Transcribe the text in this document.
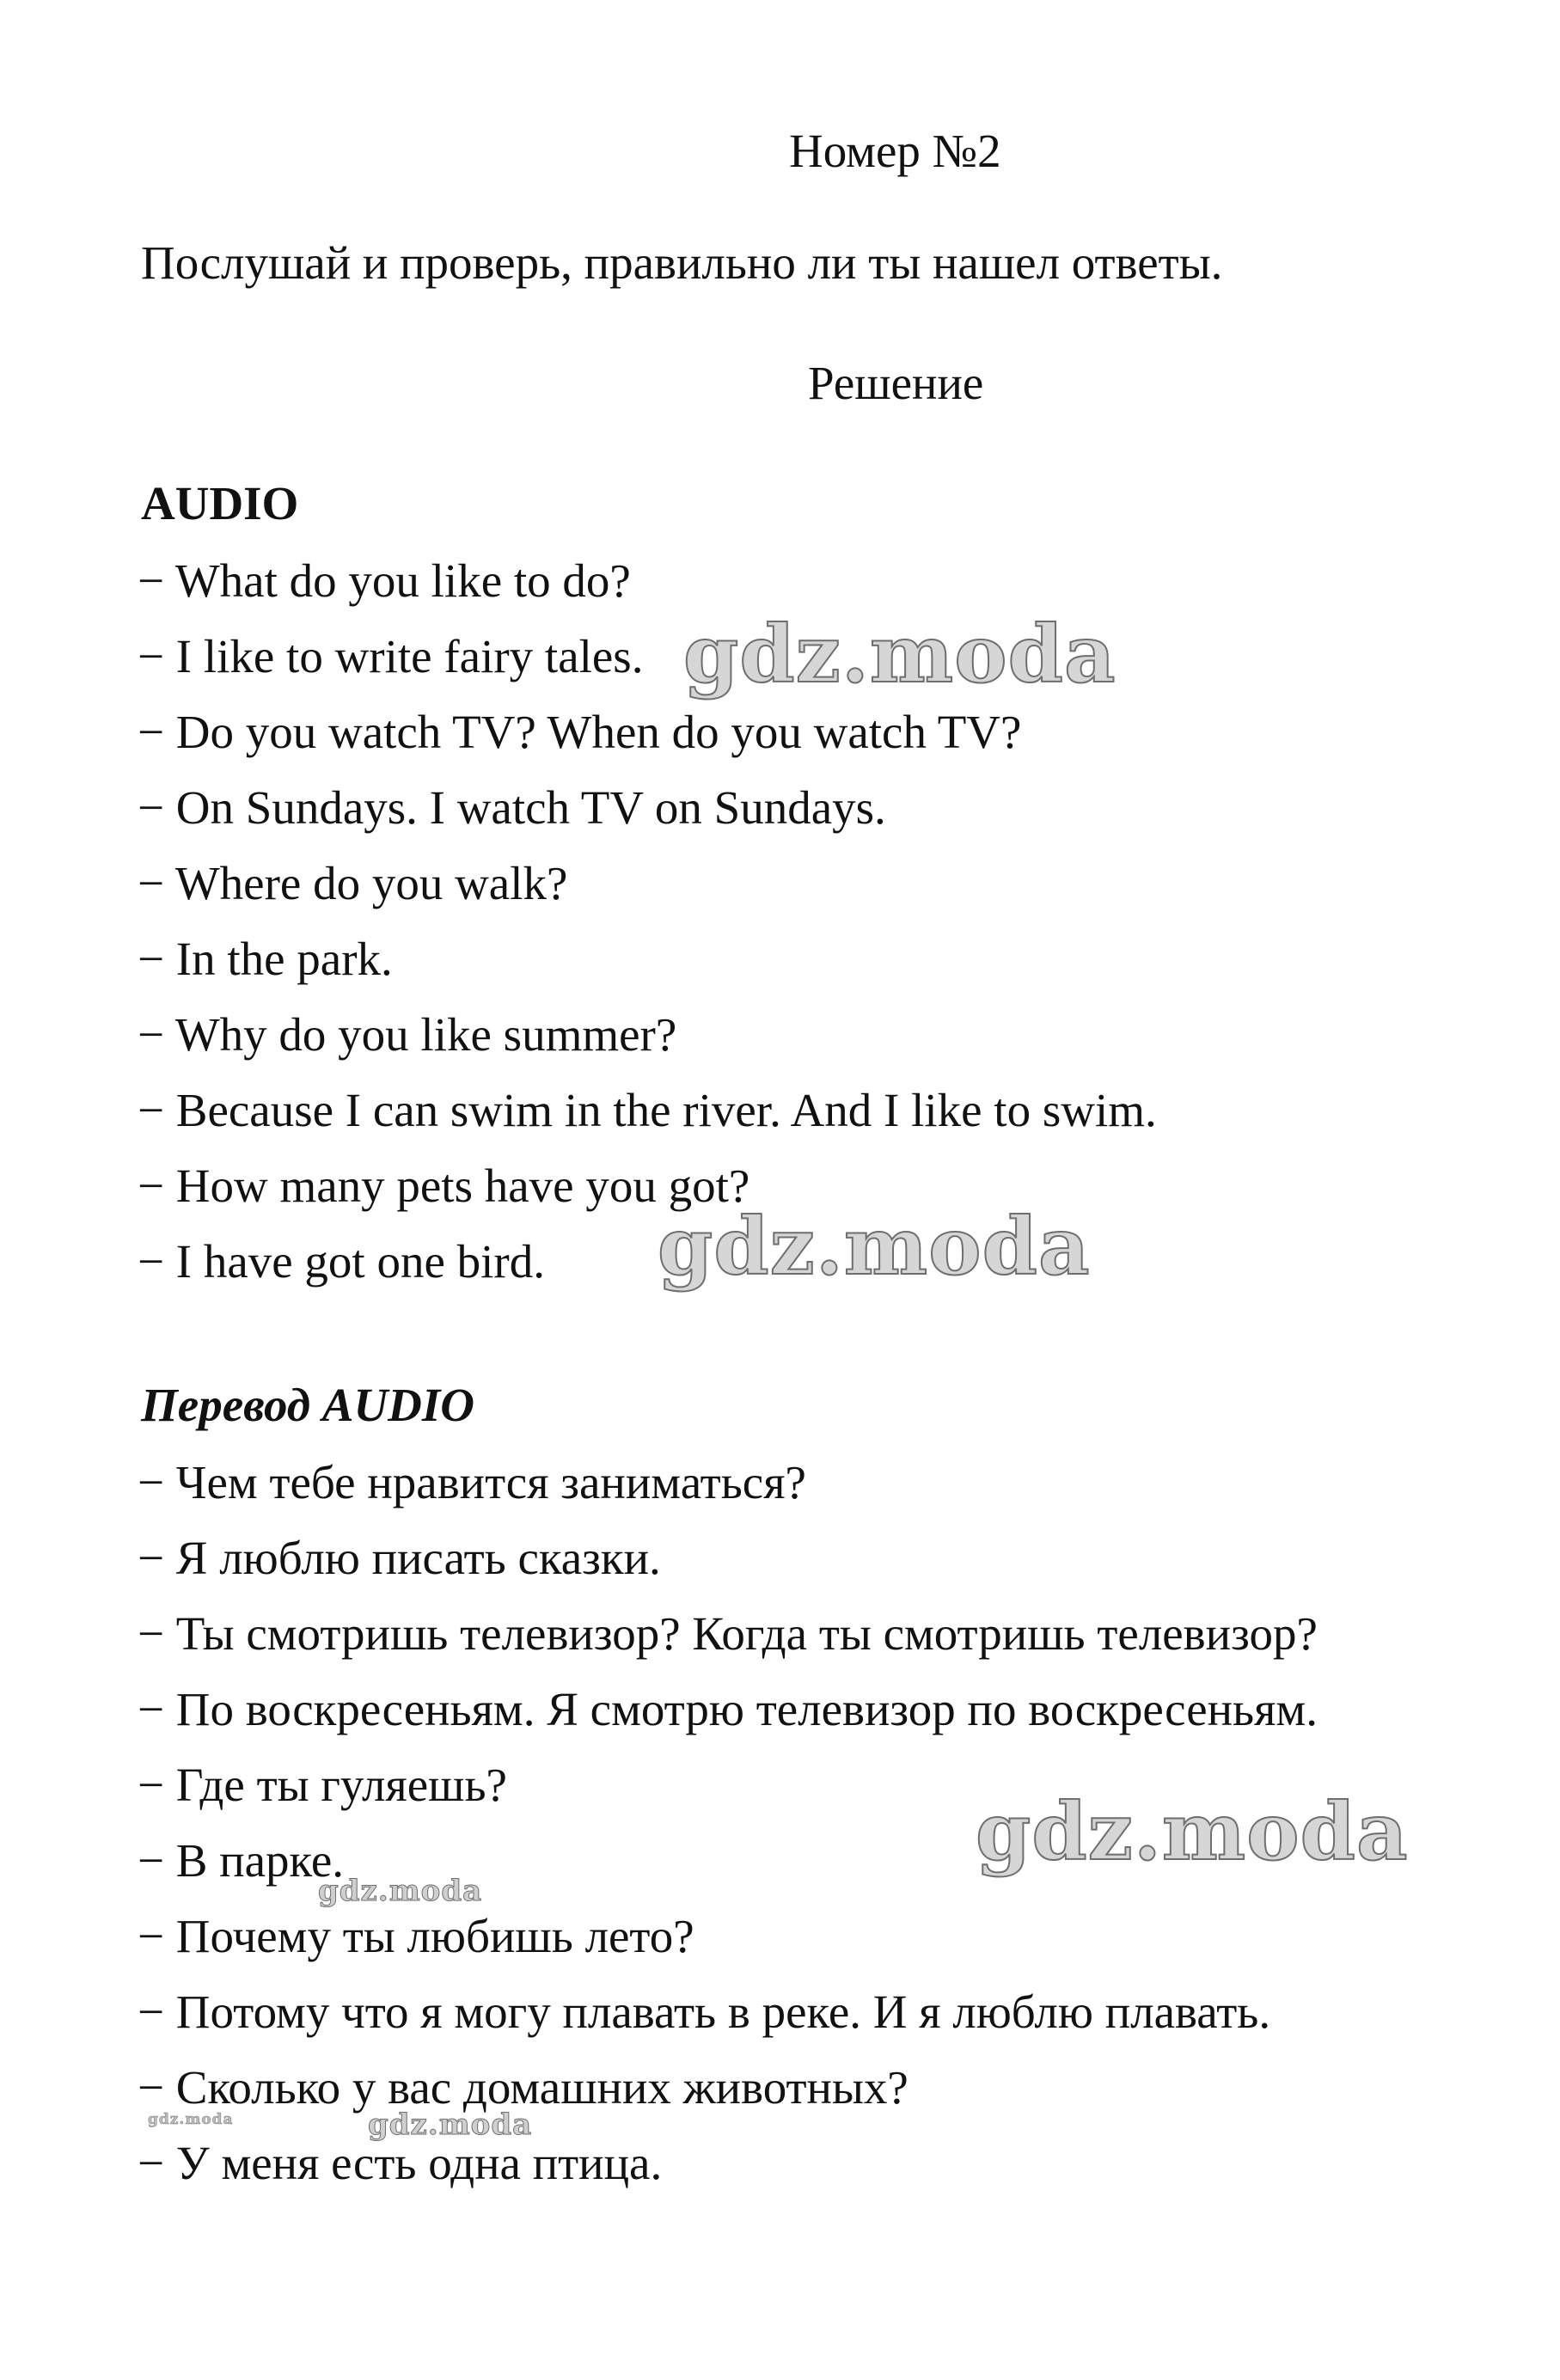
Номер №2
Послушай и проверь, правильно ли ты нашел ответы.
Решение
AUDIO
− What do you like to do?
− I like to write fairy tales.
− Do you watch TV? When do you watch TV?
− On Sundays. I watch TV on Sundays.
− Where do you walk?
− In the park.
− Why do you like summer?
− Because I can swim in the river. And I like to swim.
− How many pets have you got?
− I have got one bird.
Перевод AUDIO
− Чем тебе нравится заниматься?
− Я люблю писать сказки.
− Ты смотришь телевизор? Когда ты смотришь телевизор?
− По воскресеньям. Я смотрю телевизор по воскресеньям.
− Где ты гуляешь?
− В парке.
− Почему ты любишь лето?
− Потому что я могу плавать в реке. И я люблю плавать.
− Сколько у вас домашних животных?
− У меня есть одна птица.
gdz.moda
gdz.moda
gdz.moda
gdz.moda
gdz.moda
gdz.moda
